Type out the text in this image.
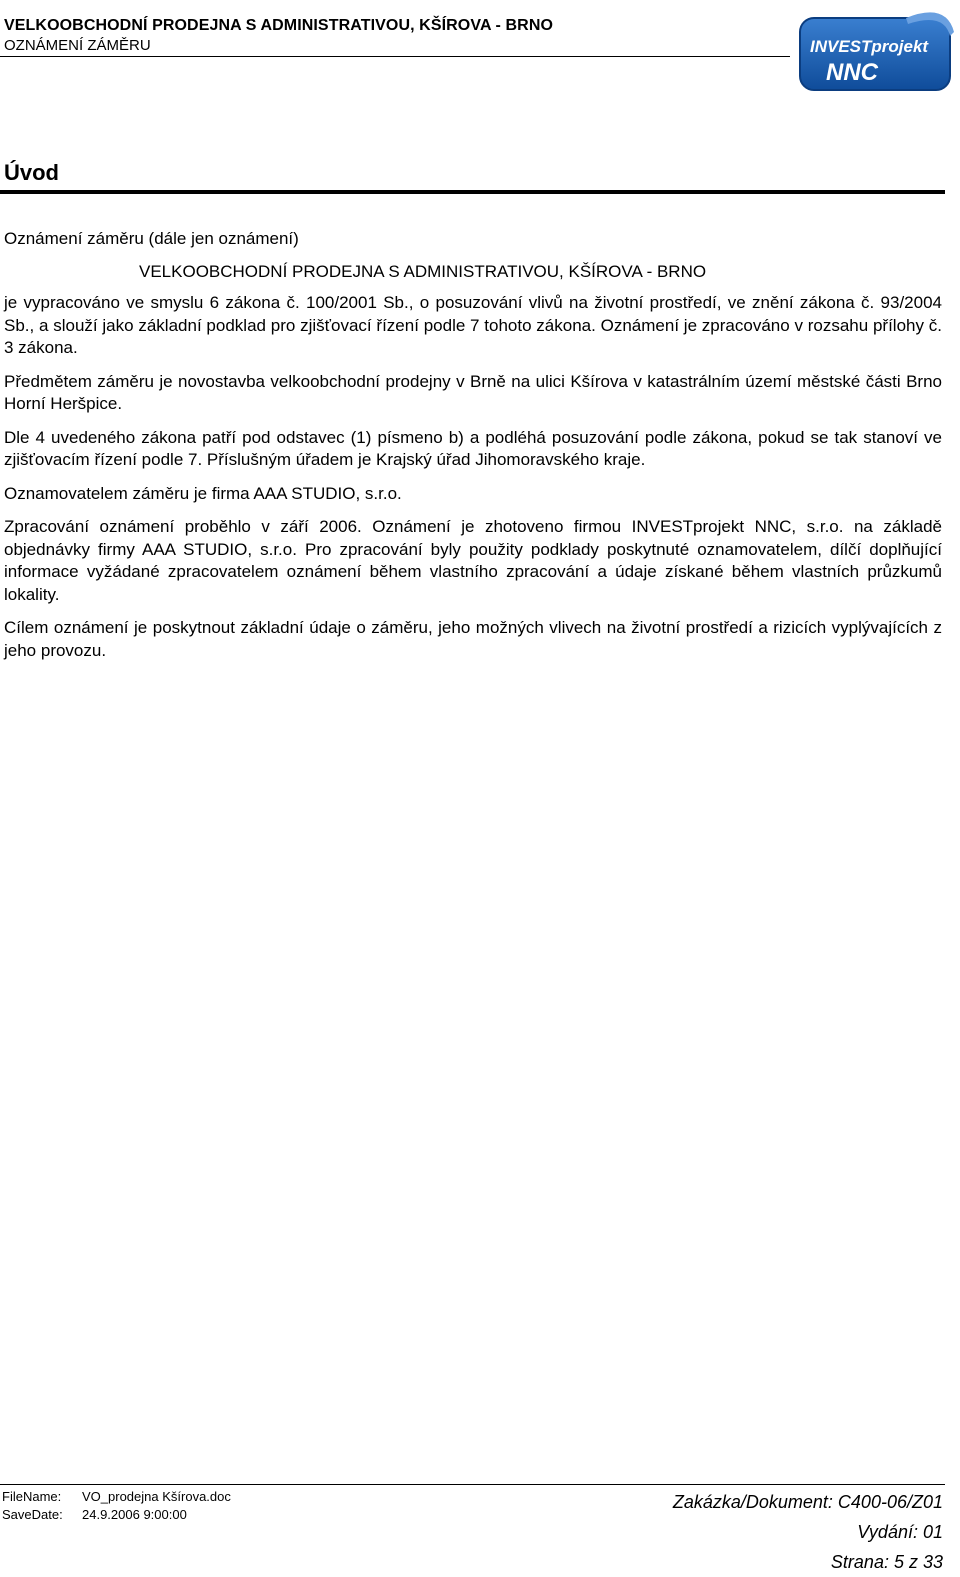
VELKOOBCHODNÍ PRODEJNA S ADMINISTRATIVOU, KŠÍROVA - BRNO
OZNÁMENÍ ZÁMĚRU	INVESTprojekt
NNC
Úvod

Oznámení záměru (dále jen oznámení)

VELKOOBCHODNÍ PRODEJNA S ADMINISTRATIVOU, KŠÍROVA - BRNO

je vypracováno ve smyslu 6 zákona č. 100/2001 Sb., o posuzování vlivů na životní prostředí, ve znění zákona č. 93/2004 Sb., a slouží jako základní podklad pro zjišťovací řízení podle 7 tohoto zákona. Oznámení je zpracováno v rozsahu přílohy č. 3 zákona.

Předmětem záměru je novostavba velkoobchodní prodejny v Brně na ulici Kšírova v katastrálním území městské části Brno Horní Heršpice.

Dle 4 uvedeného zákona patří pod odstavec (1) písmeno b) a podléhá posuzování podle zákona, pokud se tak stanoví ve zjišťovacím řízení podle 7. Příslušným úřadem je Krajský úřad Jihomoravského kraje.

Oznamovatelem záměru je firma AAA STUDIO, s.r.o.

Zpracování oznámení proběhlo v září 2006. Oznámení je zhotoveno firmou INVESTprojekt NNC, s.r.o. na základě objednávky firmy AAA STUDIO, s.r.o. Pro zpracování byly použity podklady poskytnuté oznamovatelem, dílčí doplňující informace vyžádané zpracovatelem oznámení během vlastního zpracování a údaje získané během vlastních průzkumů lokality.

Cílem oznámení je poskytnout základní údaje o záměru, jeho možných vlivech na životní prostředí a rizicích vyplývajících z jeho provozu.

FileName: VO_prodejna Kšírova.doc
SaveDate: 24.9.2006 9:00:00
Zakázka/Dokument: C400-06/Z01
Vydání: 01
Strana: 5 z 33
